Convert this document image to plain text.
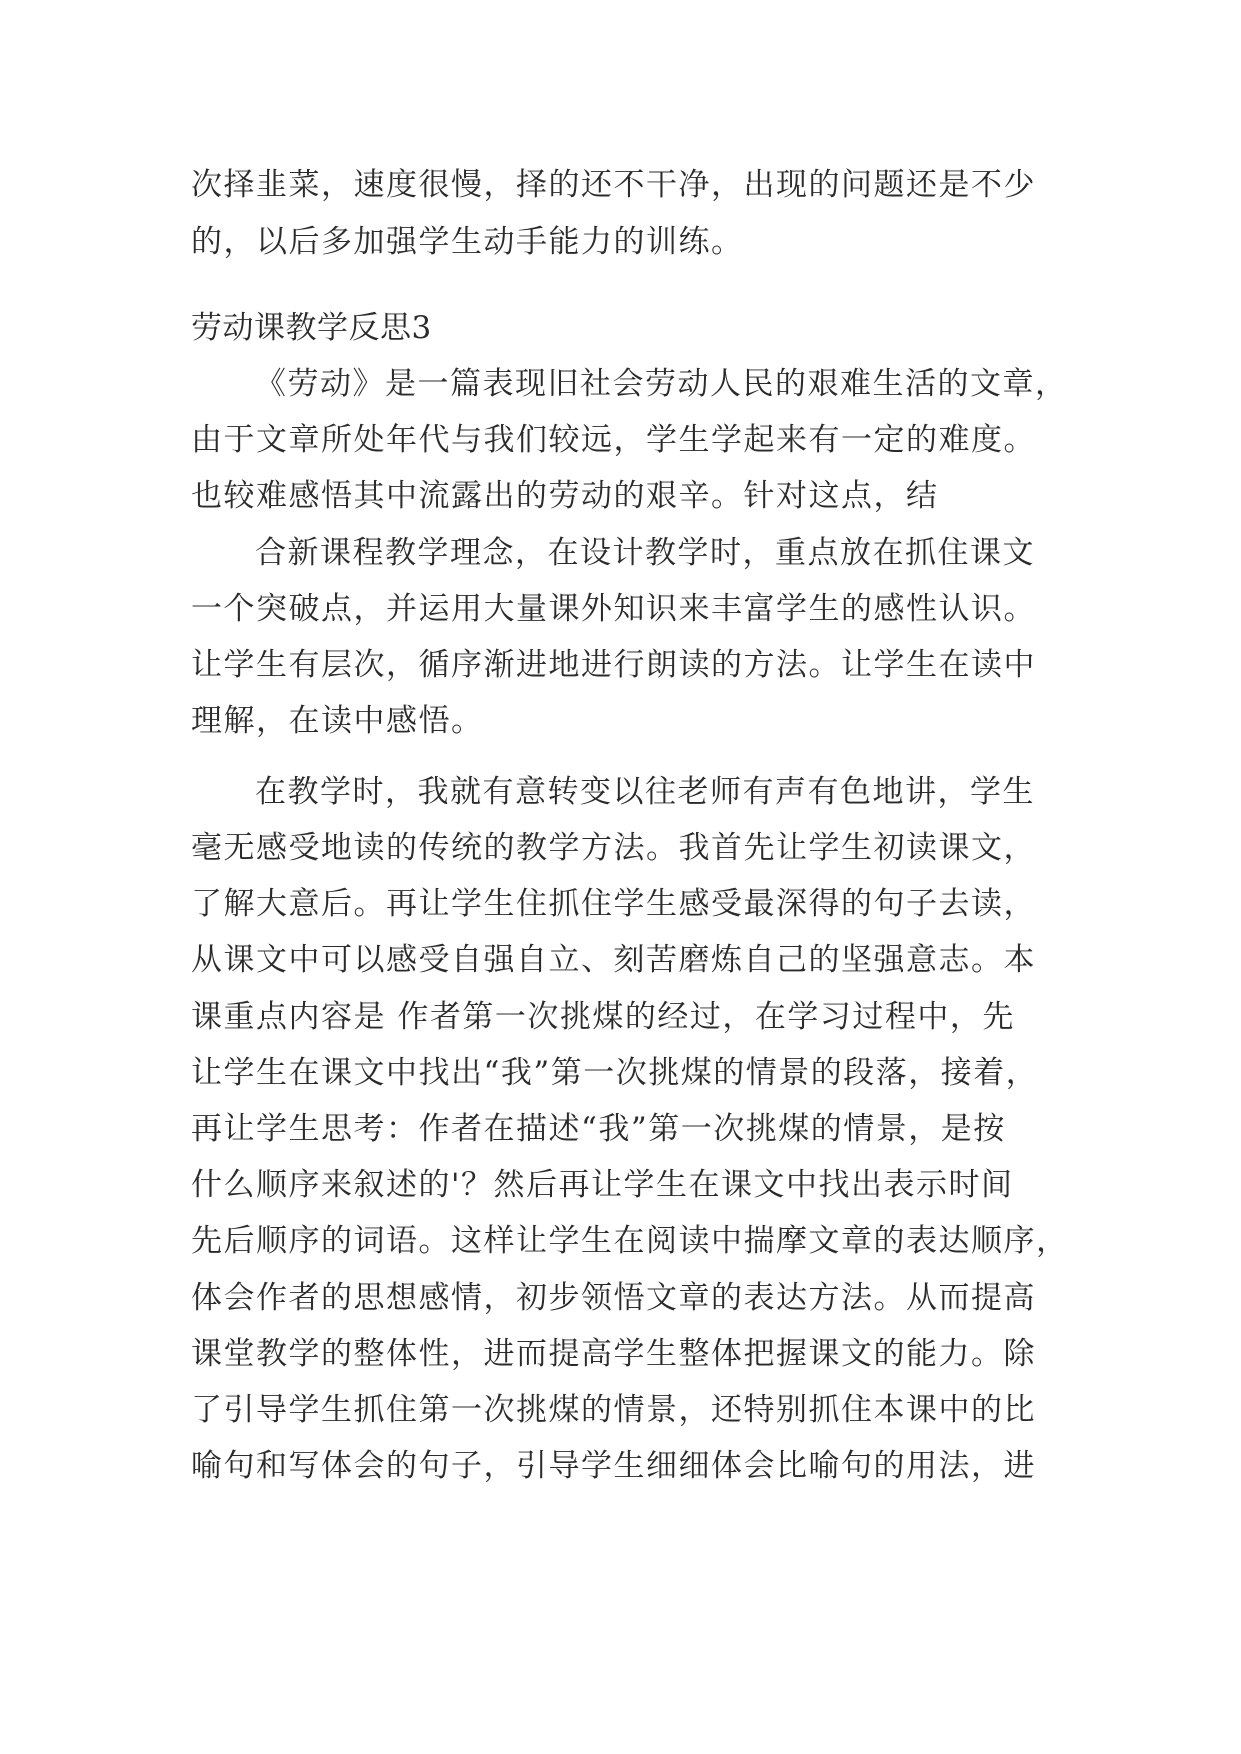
次择韭菜，速度很慢，择的还不干净，出现的问题还是不少
的，以后多加强学生动手能力的训练。
劳动课教学反思3
《劳动》是一篇表现旧社会劳动人民的艰难生活的文章，
由于文章所处年代与我们较远，学生学起来有一定的难度。
也较难感悟其中流露出的劳动的艰辛。针对这点，结
合新课程教学理念，在设计教学时，重点放在抓住课文
一个突破点，并运用大量课外知识来丰富学生的感性认识。
让学生有层次，循序渐进地进行朗读的方法。让学生在读中
理解，在读中感悟。
在教学时，我就有意转变以往老师有声有色地讲，学生
毫无感受地读的传统的教学方法。我首先让学生初读课文，
了解大意后。再让学生住抓住学生感受最深得的句子去读，
从课文中可以感受自强自立、刻苦磨炼自己的坚强意志。本
课重点内容是 作者第一次挑煤的经过，在学习过程中，先
让学生在课文中找出“我”第一次挑煤的情景的段落，接着，
再让学生思考：作者在描述“我”第一次挑煤的情景，是按
什么顺序来叙述的'？然后再让学生在课文中找出表示时间
先后顺序的词语。这样让学生在阅读中揣摩文章的表达顺序，
体会作者的思想感情，初步领悟文章的表达方法。从而提高
课堂教学的整体性，进而提高学生整体把握课文的能力。除
了引导学生抓住第一次挑煤的情景，还特别抓住本课中的比
喻句和写体会的句子，引导学生细细体会比喻句的用法，进
